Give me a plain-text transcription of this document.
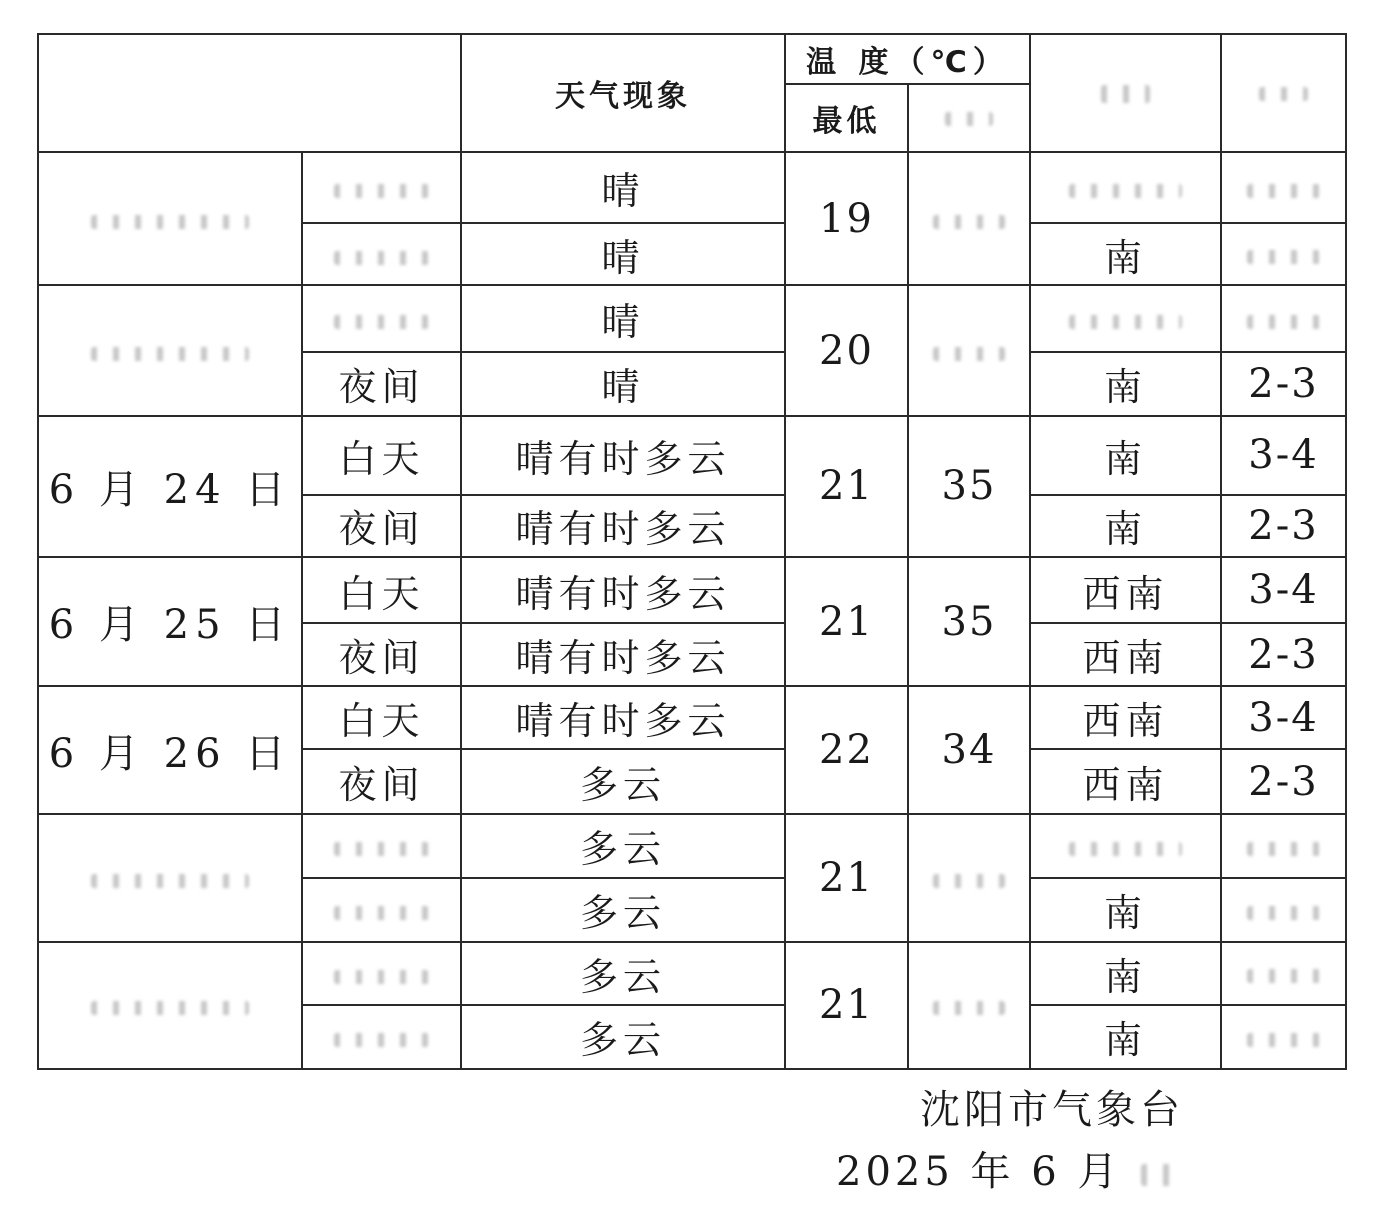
		天气现象	温 度（℃）			
			最低			
		晴	19			
		晴			南	
		晴	20			
	夜间	晴			南	2-3
6 月 24 日	白天	晴有时多云	21	35	南	3-4
	夜间	晴有时多云			南	2-3
6 月 25 日	白天	晴有时多云	21	35	西南	3-4
	夜间	晴有时多云			西南	2-3
6 月 26 日	白天	晴有时多云	22	34	西南	3-4
	夜间	多云			西南	2-3
		多云	21			
		多云			南	
		多云	21		南	
		多云			南	
沈阳市气象台
2025 年 6 月
